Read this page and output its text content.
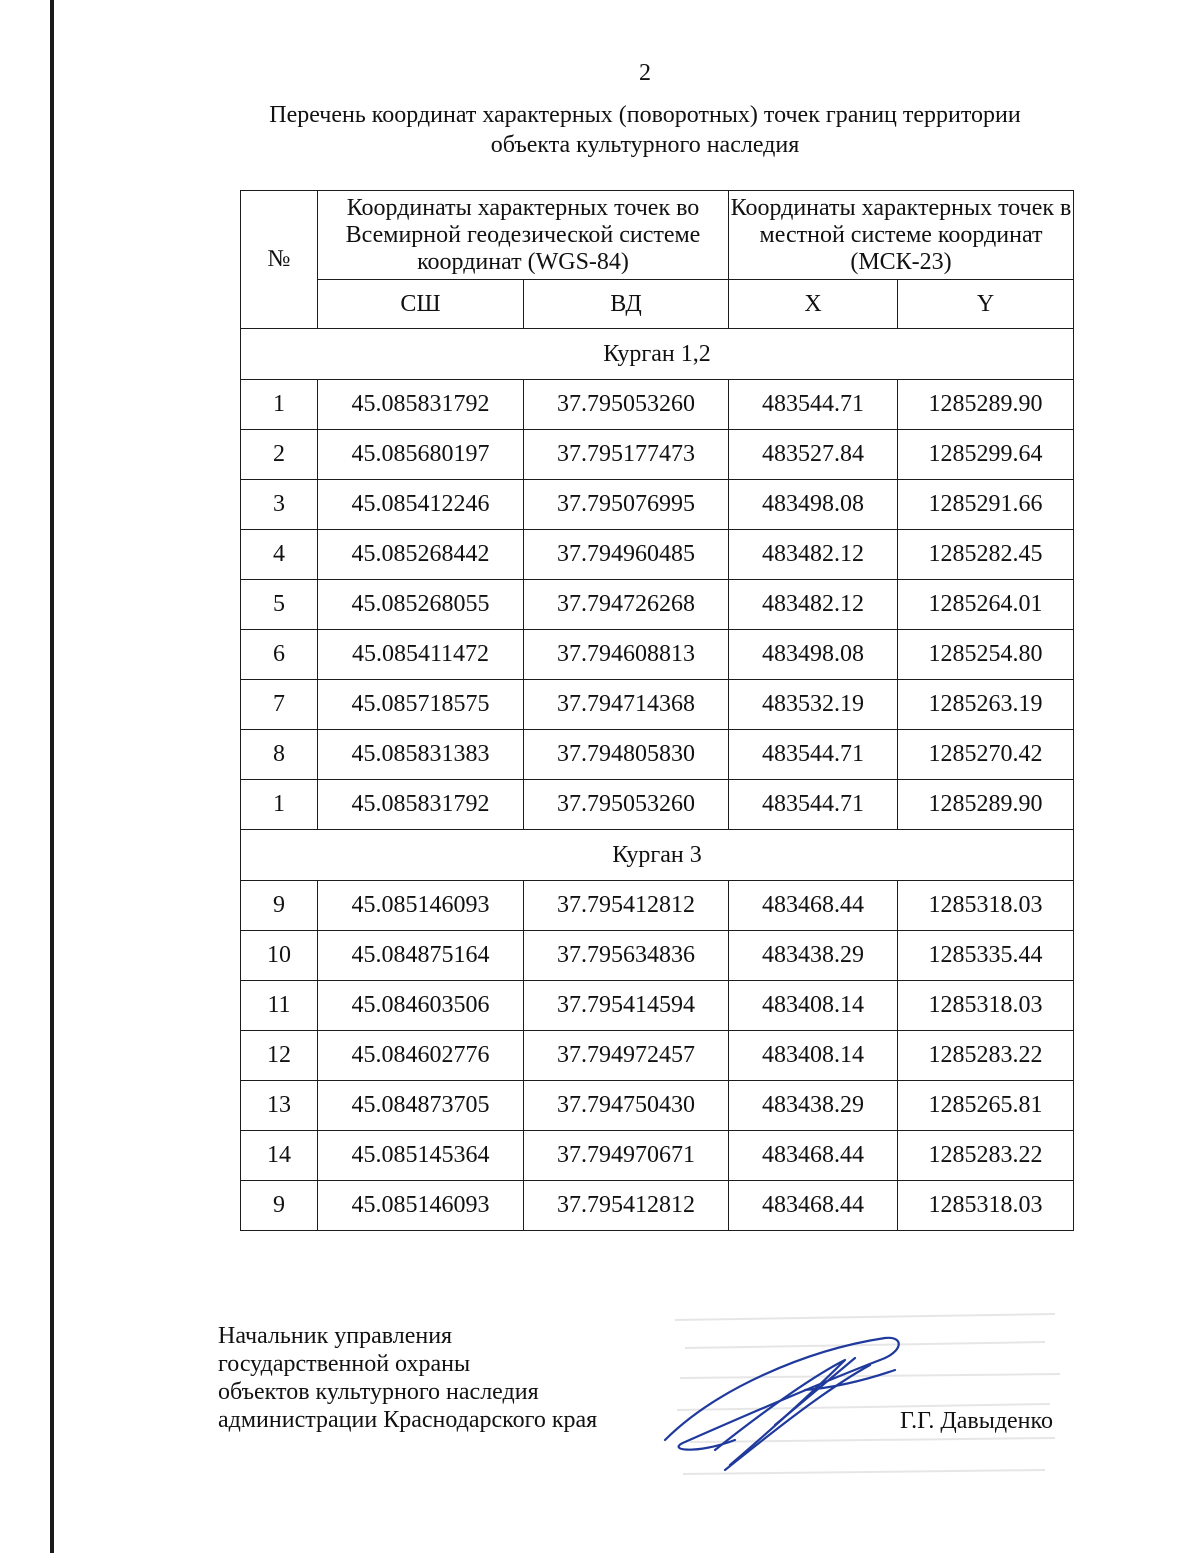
2
Перечень координат характерных (поворотных) точек границ территории
объекта культурного наследия
№	Координаты характерных точек во Всемирной геодезической системе координат (WGS-84)		Координаты характерных точек в местной системе координат (МСК-23)	
	СШ	ВД	X	Y
Курган 1,2				
1	45.085831792	37.795053260	483544.71	1285289.90
2	45.085680197	37.795177473	483527.84	1285299.64
3	45.085412246	37.795076995	483498.08	1285291.66
4	45.085268442	37.794960485	483482.12	1285282.45
5	45.085268055	37.794726268	483482.12	1285264.01
6	45.085411472	37.794608813	483498.08	1285254.80
7	45.085718575	37.794714368	483532.19	1285263.19
8	45.085831383	37.794805830	483544.71	1285270.42
1	45.085831792	37.795053260	483544.71	1285289.90
Курган 3				
9	45.085146093	37.795412812	483468.44	1285318.03
10	45.084875164	37.795634836	483438.29	1285335.44
11	45.084603506	37.795414594	483408.14	1285318.03
12	45.084602776	37.794972457	483408.14	1285283.22
13	45.084873705	37.794750430	483438.29	1285265.81
14	45.085145364	37.794970671	483468.44	1285283.22
9	45.085146093	37.795412812	483468.44	1285318.03
Начальник управления
государственной охраны
объектов культурного наследия
администрации Краснодарского края	Г.Г. Давыденко
